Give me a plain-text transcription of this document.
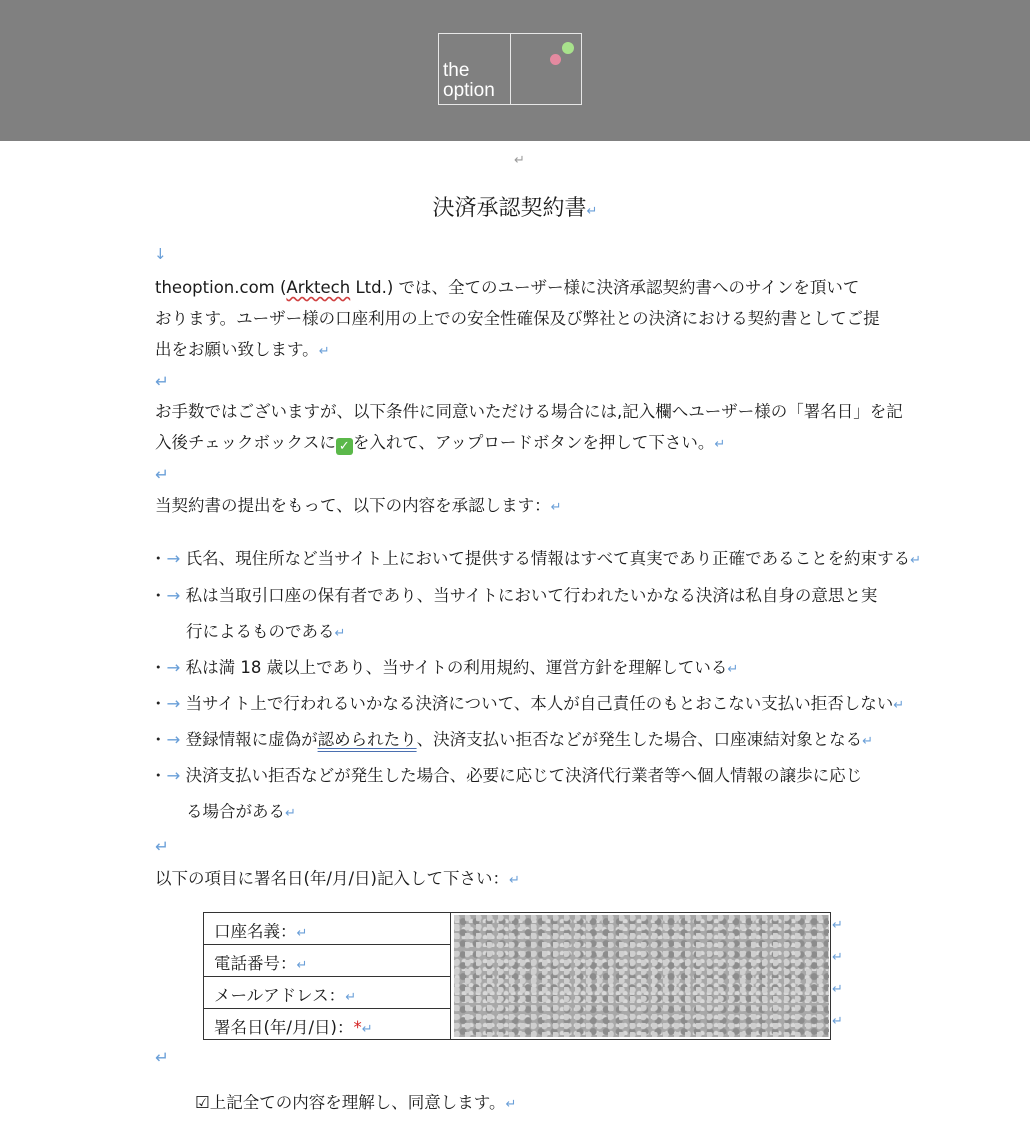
the
option
↵
決済承認契約書↵
↓
theoption.com (Arktech Ltd.) では、全てのユーザー様に決済承認契約書へのサインを頂いて
おります。ユーザー様の口座利用の上での安全性確保及び弊社との決済における契約書としてご提
出をお願い致します。↵
↵
お手数ではございますが、以下条件に同意いただける場合には,記入欄へユーザー様の「署名日」を記
入後チェックボックスに ✓ を入れて、アップロードボタンを押して下さい。↵
↵
当契約書の提出をもって、以下の内容を承認します：↵
・→ 氏名、現住所など当サイト上において提供する情報はすべて真実であり正確であることを約束する↵
・→ 私は当取引口座の保有者であり、当サイトにおいて行われたいかなる決済は私自身の意思と実
行によるものである↵
・→ 私は満 18 歳以上であり、当サイトの利用規約、運営方針を理解している↵
・→ 当サイト上で行われるいかなる決済について、本人が自己責任のもとおこない支払い拒否しない↵
・→ 登録情報に虚偽が認められたり、決済支払い拒否などが発生した場合、口座凍結対象となる↵
・→ 決済支払い拒否などが発生した場合、必要に応じて決済代行業者等へ個人情報の譲歩に応じ
る場合がある↵
↵
以下の項目に署名日(年/月/日)記入して下さい：↵
口座名義：↵
電話番号：↵
メールアドレス：↵
署名日(年/月/日)：*↵
↵
↵
↵
↵
↵
☑上記全ての内容を理解し、同意します。↵
